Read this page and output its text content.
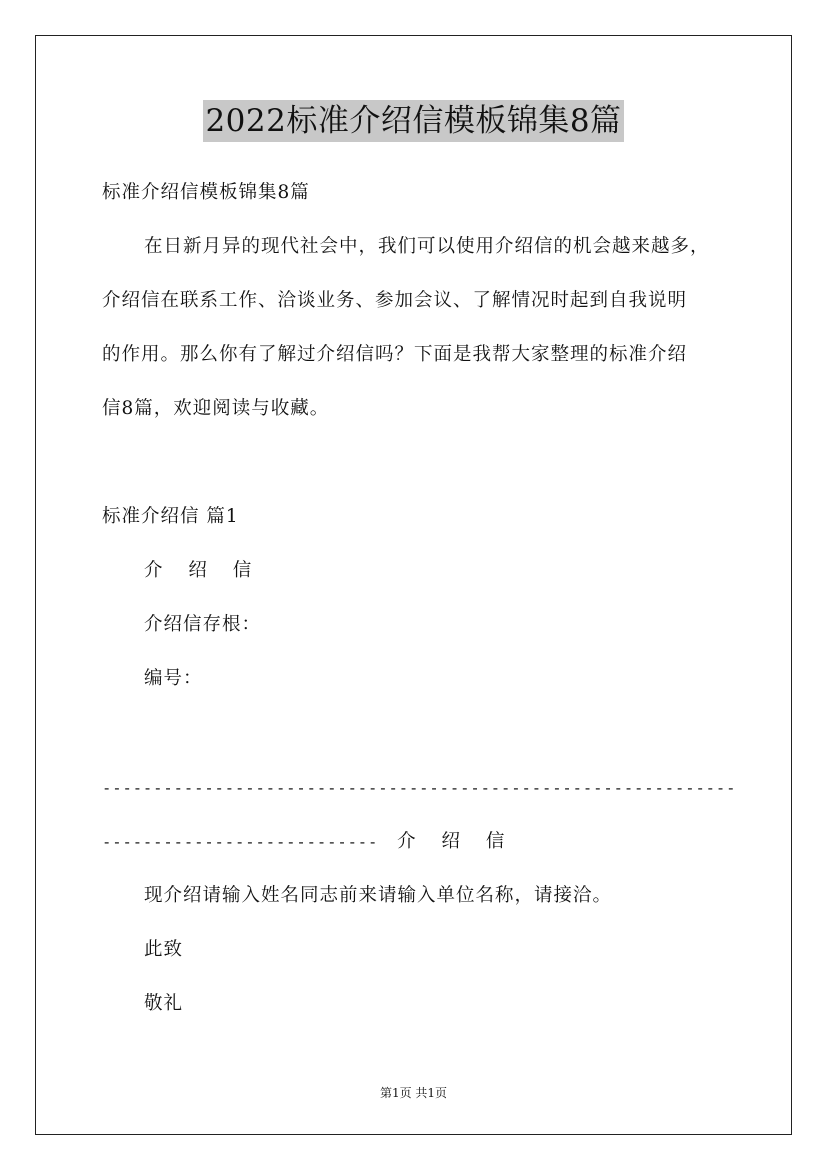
2022标准介绍信模板锦集8篇
标准介绍信模板锦集8篇
在日新月异的现代社会中，我们可以使用介绍信的机会越来越多，
介绍信在联系工作、洽谈业务、参加会议、了解情况时起到自我说明
的作用。那么你有了解过介绍信吗？下面是我帮大家整理的标准介绍
信8篇，欢迎阅读与收藏。
标准介绍信 篇1
介 绍 信
介绍信存根：
编号：
--------------------------------------------------------------
--------------------------- 介 绍 信
现介绍请输入姓名同志前来请输入单位名称，请接洽。
此致
敬礼
第1页 共1页
